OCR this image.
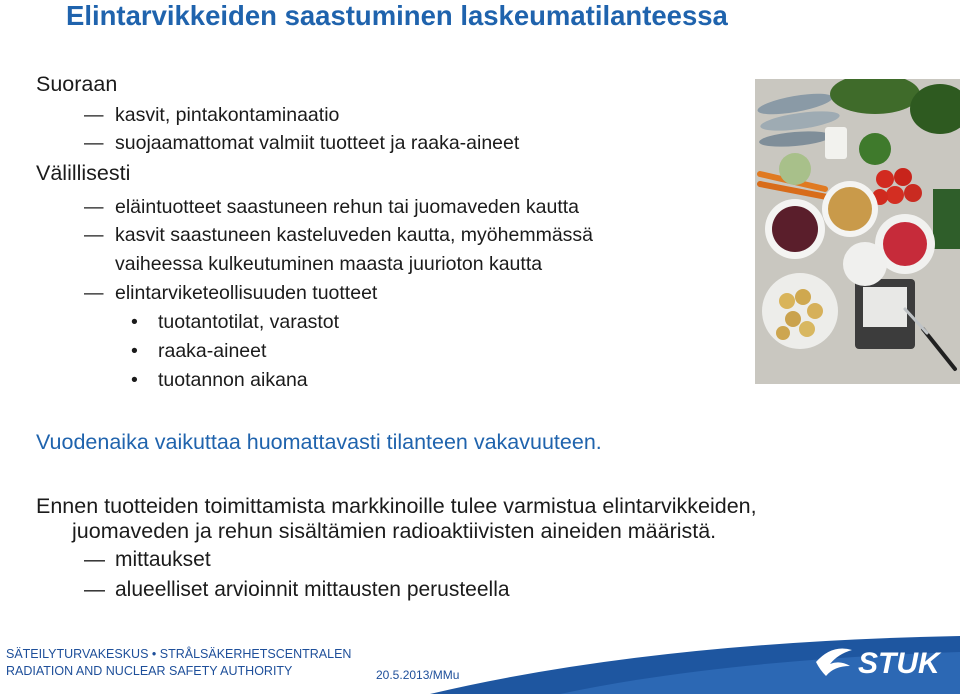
Elintarvikkeiden saastuminen laskeumatilanteessa
Suoraan
— kasvit, pintakontaminaatio
— suojaamattomat valmiit tuotteet ja raaka-aineet
Välillisesti
— eläintuotteet saastuneen rehun tai juomaveden kautta
— kasvit saastuneen kasteluveden kautta, myöhemmässä
vaiheessa kulkeutuminen maasta juurioton kautta
— elintarviketeollisuuden tuotteet
• tuotantotilat, varastot
• raaka-aineet
• tuotannon aikana
Vuodenaika vaikuttaa huomattavasti tilanteen vakavuuteen.
Ennen tuotteiden toimittamista markkinoille tulee varmistua elintarvikkeiden,
juomaveden ja rehun sisältämien radioaktiivisten aineiden määristä.
— mittaukset
— alueelliset arvioinnit mittausten perusteella
SÄTEILYTURVAKESKUS • STRÅLSÄKERHETSCENTRALEN
RADIATION AND NUCLEAR SAFETY AUTHORITY	20.5.2013/MMu	STUK
